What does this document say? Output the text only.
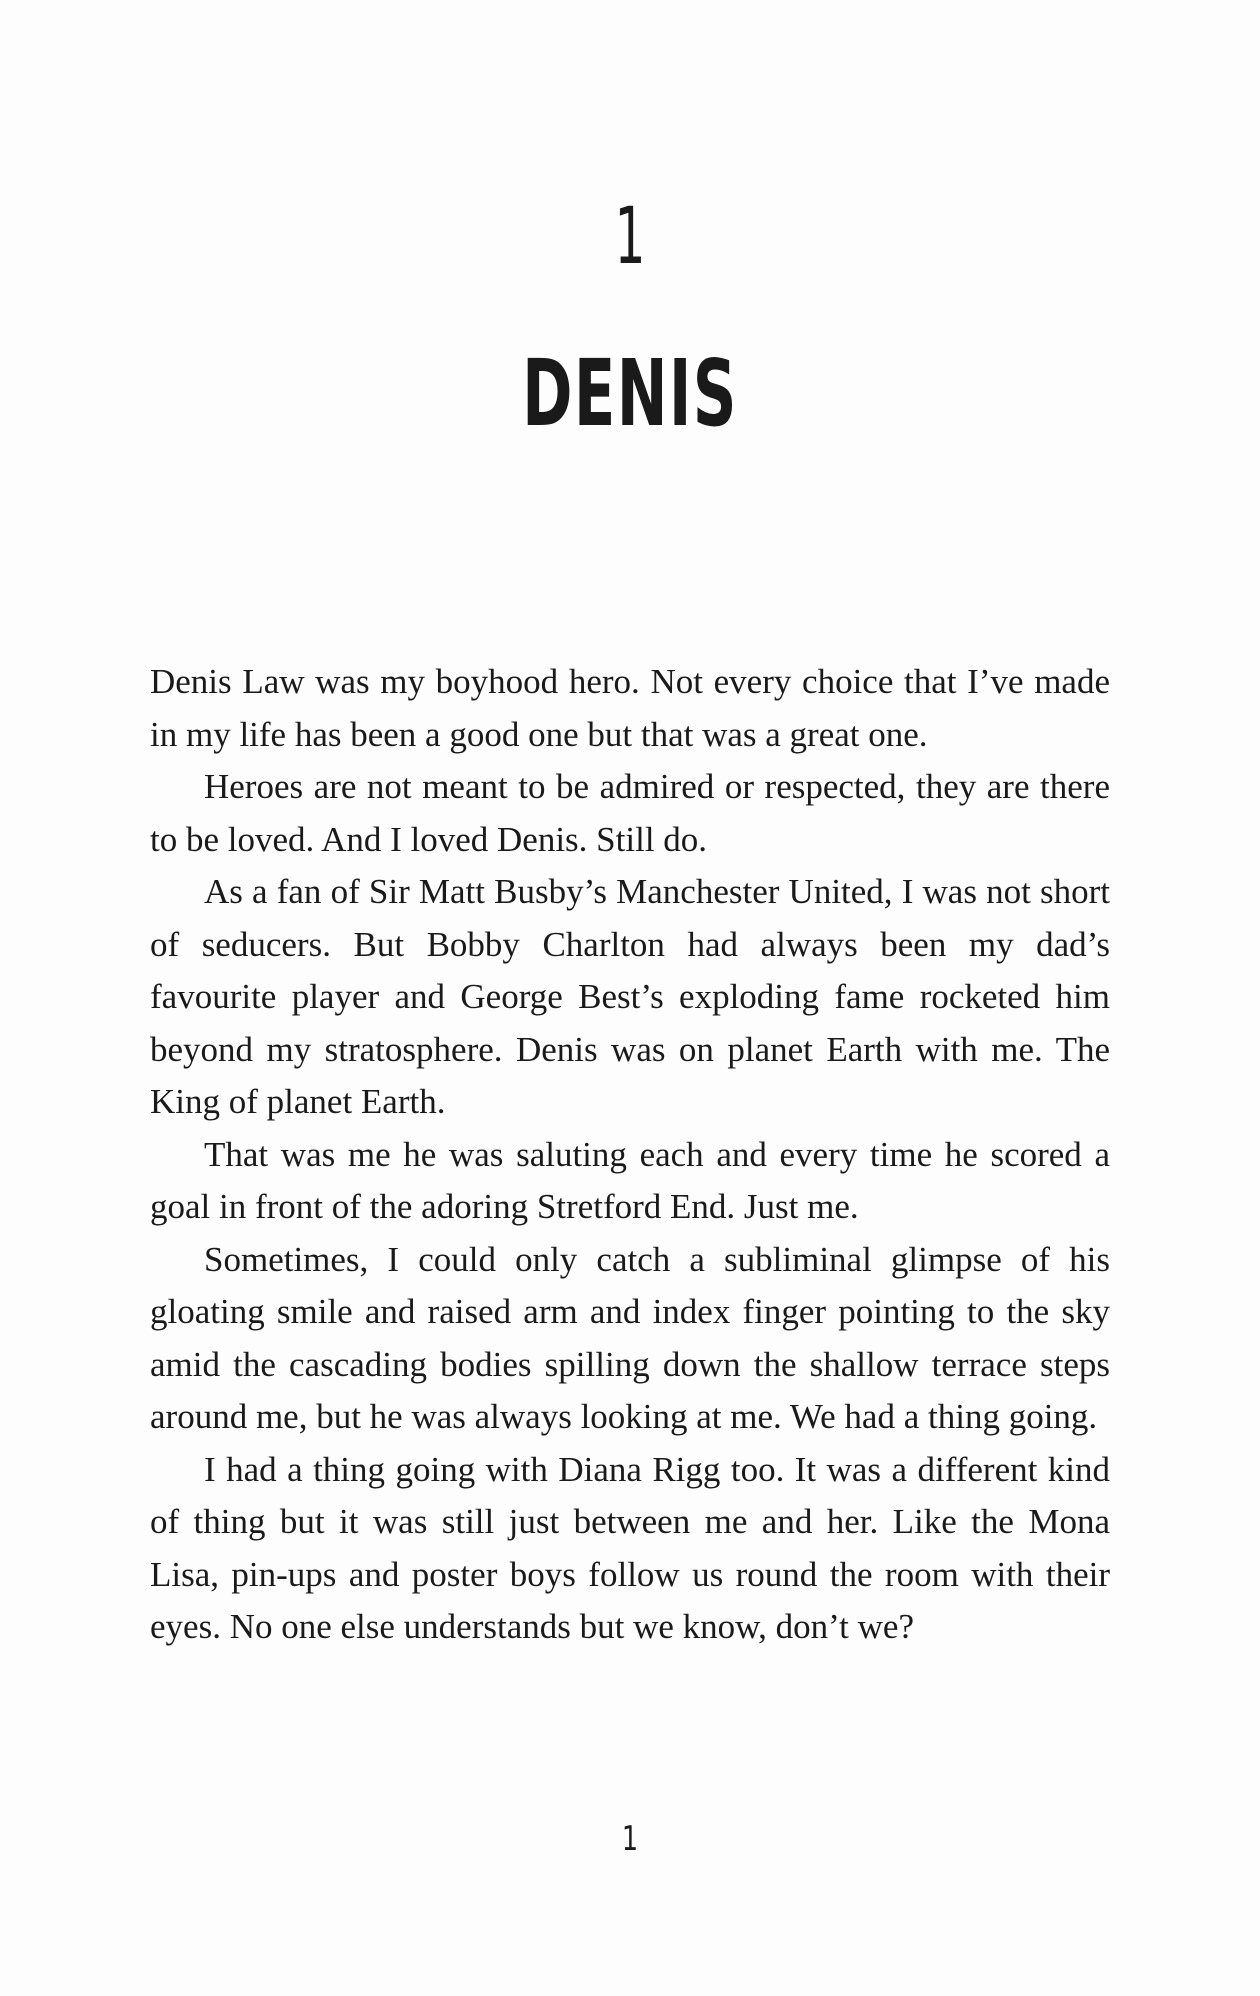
1
DENIS

Denis Law was my boyhood hero. Not every choice that I’ve made in my life has been a good one but that was a great one.

Heroes are not meant to be admired or respected, they are there to be loved. And I loved Denis. Still do.

As a fan of Sir Matt Busby’s Manchester United, I was not short of seducers. But Bobby Charlton had always been my dad’s favourite player and George Best’s exploding fame rocketed him beyond my stratosphere. Denis was on planet Earth with me. The King of planet Earth.

That was me he was saluting each and every time he scored a goal in front of the adoring Stretford End. Just me.

Sometimes, I could only catch a subliminal glimpse of his gloating smile and raised arm and index finger pointing to the sky amid the cascading bodies spilling down the shallow terrace steps around me, but he was always looking at me. We had a thing going.

I had a thing going with Diana Rigg too. It was a different kind of thing but it was still just between me and her. Like the Mona Lisa, pin-ups and poster boys follow us round the room with their eyes. No one else understands but we know, don’t we?

1
